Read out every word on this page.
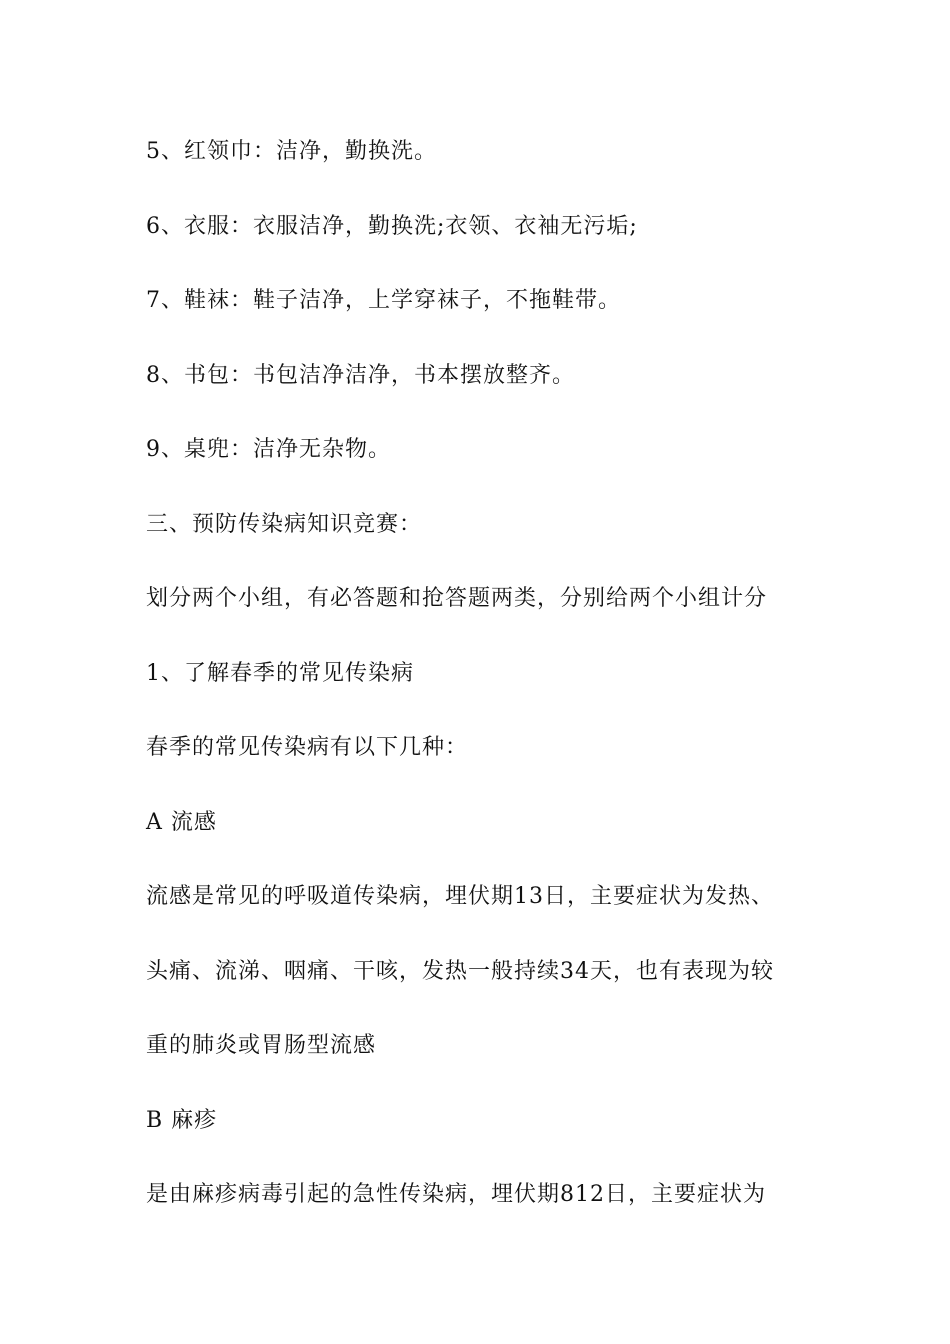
5、红领巾：洁净，勤换洗。

6、衣服：衣服洁净，勤换洗;衣领、衣袖无污垢;

7、鞋袜：鞋子洁净，上学穿袜子，不拖鞋带。

8、书包：书包洁净洁净，书本摆放整齐。

9、桌兜：洁净无杂物。

三、预防传染病知识竞赛：

划分两个小组，有必答题和抢答题两类，分别给两个小组计分

1、了解春季的常见传染病

春季的常见传染病有以下几种：

A 流感

流感是常见的呼吸道传染病，埋伏期13日，主要症状为发热、

头痛、流涕、咽痛、干咳，发热一般持续34天，也有表现为较

重的肺炎或胃肠型流感

B 麻疹

是由麻疹病毒引起的急性传染病，埋伏期812日，主要症状为
